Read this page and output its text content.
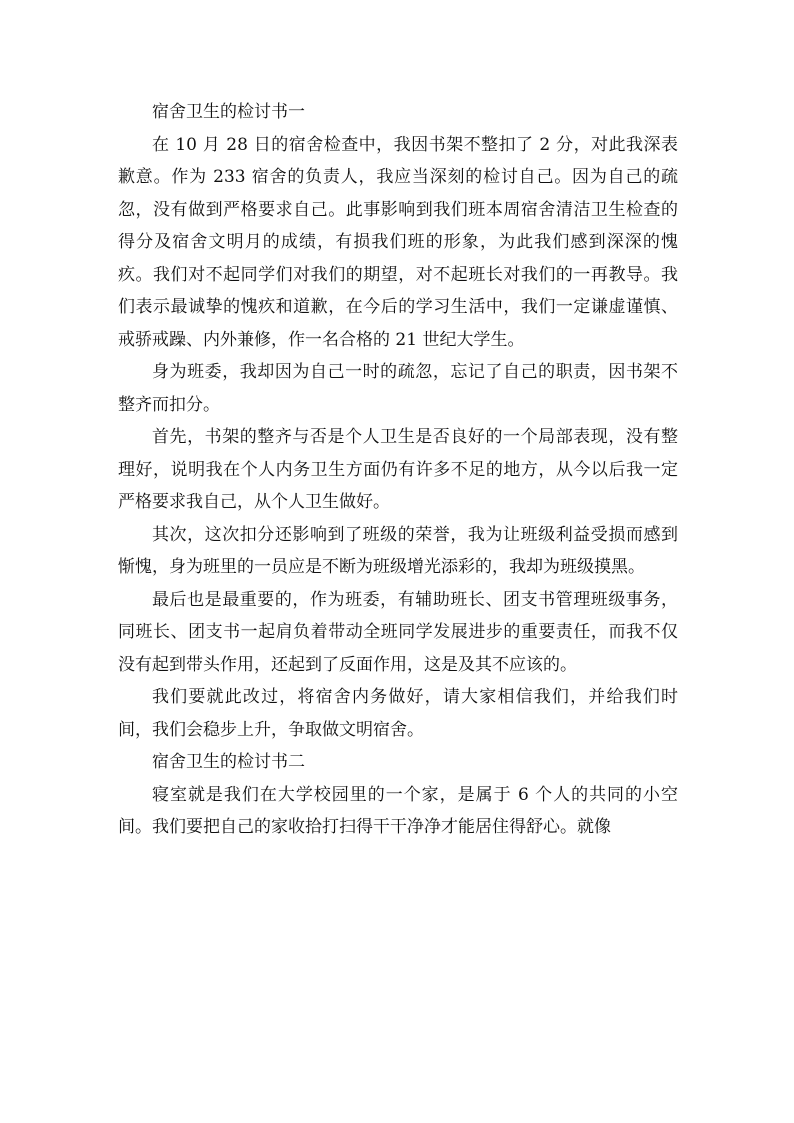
宿舍卫生的检讨书一

在 10 月 28 日的宿舍检查中，我因书架不整扣了 2 分，对此我深表歉意。作为 233 宿舍的负责人，我应当深刻的检讨自己。因为自己的疏忽，没有做到严格要求自己。此事影响到我们班本周宿舍清洁卫生检查的得分及宿舍文明月的成绩，有损我们班的形象，为此我们感到深深的愧疚。我们对不起同学们对我们的期望，对不起班长对我们的一再教导。我们表示最诚挚的愧疚和道歉，在今后的学习生活中，我们一定谦虚谨慎、戒骄戒躁、内外兼修，作一名合格的 21 世纪大学生。

身为班委，我却因为自己一时的疏忽，忘记了自己的职责，因书架不整齐而扣分。

首先，书架的整齐与否是个人卫生是否良好的一个局部表现，没有整理好，说明我在个人内务卫生方面仍有许多不足的地方，从今以后我一定严格要求我自己，从个人卫生做好。

其次，这次扣分还影响到了班级的荣誉，我为让班级利益受损而感到惭愧，身为班里的一员应是不断为班级增光添彩的，我却为班级摸黑。

最后也是最重要的，作为班委，有辅助班长、团支书管理班级事务，同班长、团支书一起肩负着带动全班同学发展进步的重要责任，而我不仅没有起到带头作用，还起到了反面作用，这是及其不应该的。

我们要就此改过，将宿舍内务做好，请大家相信我们，并给我们时间，我们会稳步上升，争取做文明宿舍。

宿舍卫生的检讨书二

寝室就是我们在大学校园里的一个家，是属于 6 个人的共同的小空间。我们要把自己的家收拾打扫得干干净净才能居住得舒心。就像
